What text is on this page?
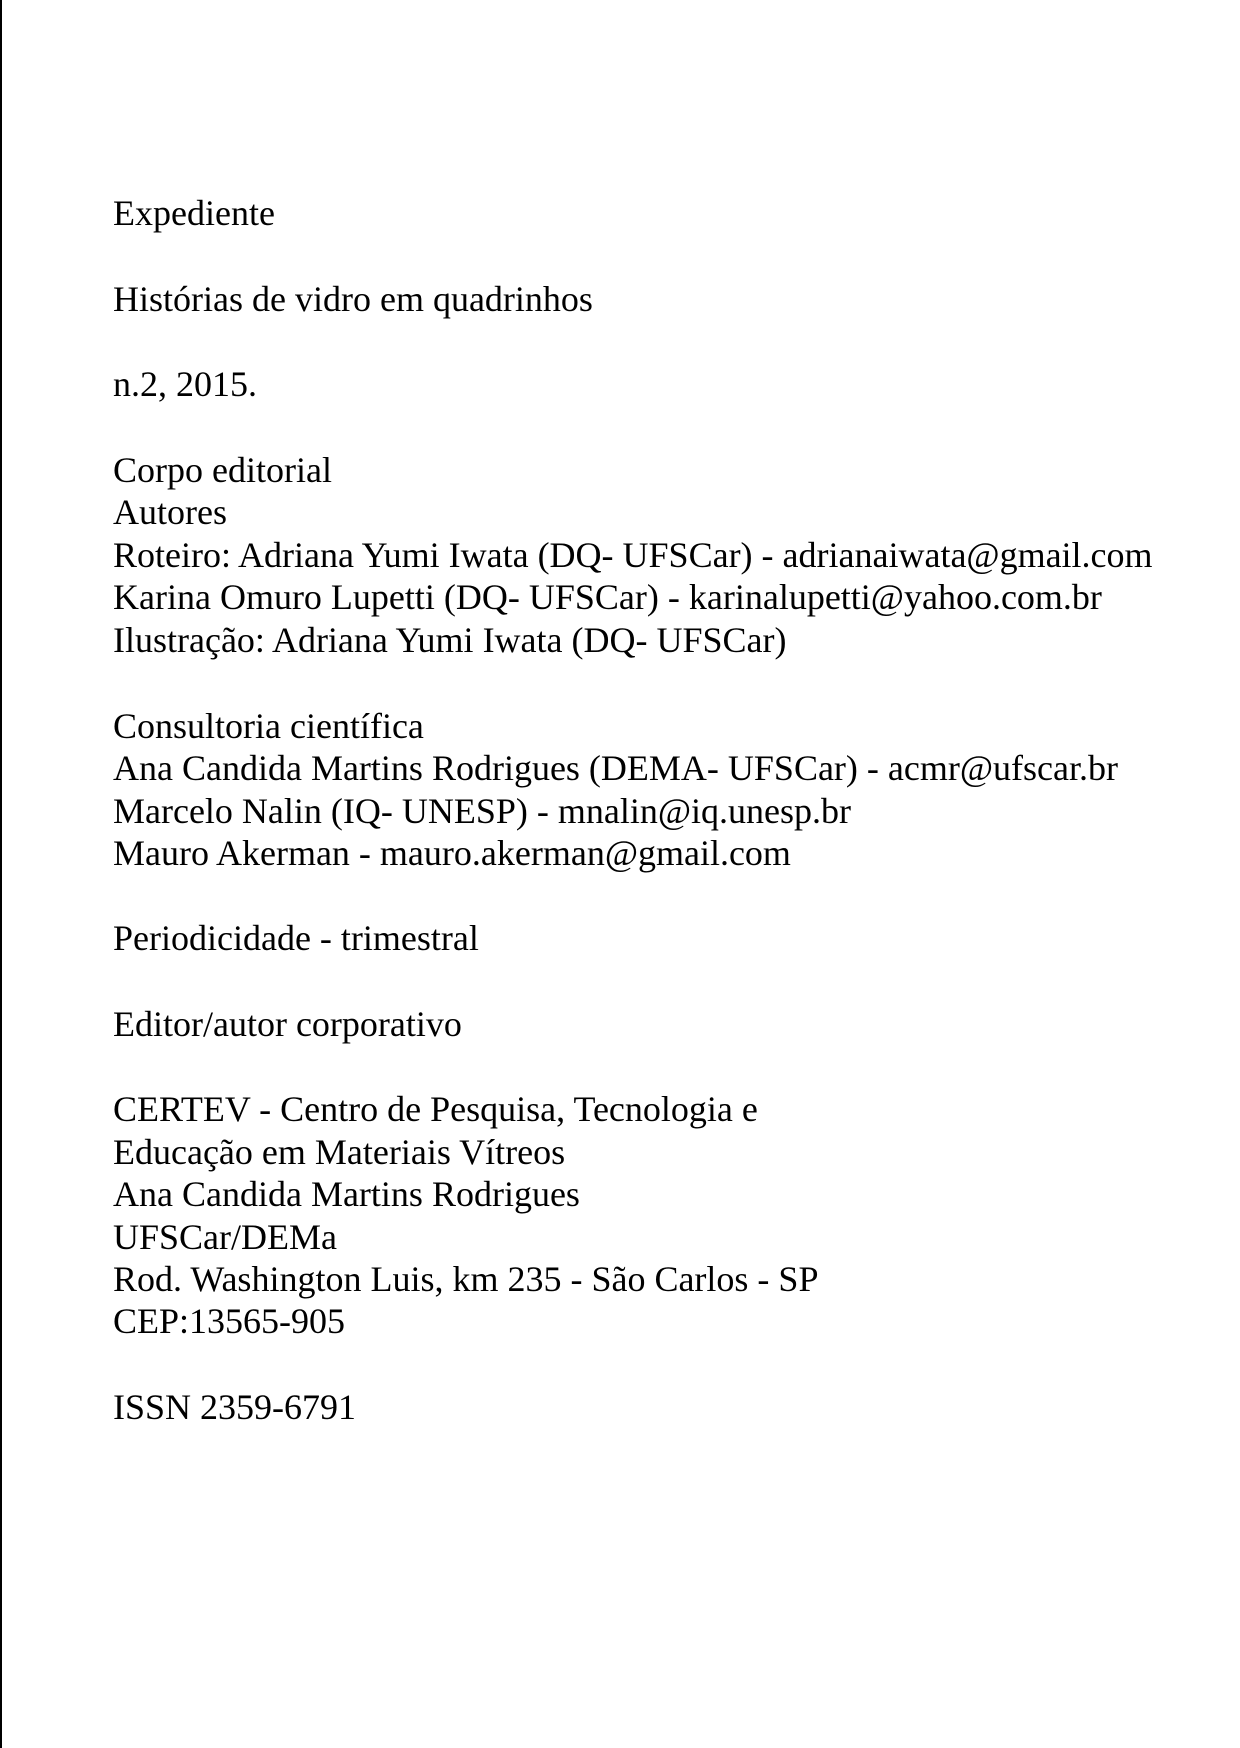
Expediente
Histórias de vidro em quadrinhos
n.2, 2015.
Corpo editorial
Autores
Roteiro: Adriana Yumi Iwata (DQ- UFSCar) - adrianaiwata@gmail.com
Karina Omuro Lupetti (DQ- UFSCar) - karinalupetti@yahoo.com.br
Ilustração: Adriana Yumi Iwata (DQ- UFSCar)
Consultoria científica
Ana Candida Martins Rodrigues (DEMA- UFSCar) - acmr@ufscar.br
Marcelo Nalin (IQ- UNESP) - mnalin@iq.unesp.br
Mauro Akerman - mauro.akerman@gmail.com
Periodicidade - trimestral
Editor/autor corporativo
CERTEV - Centro de Pesquisa, Tecnologia e
Educação em Materiais Vítreos
Ana Candida Martins Rodrigues
UFSCar/DEMa
Rod. Washington Luis, km 235 - São Carlos - SP
CEP:13565-905
ISSN 2359-6791
